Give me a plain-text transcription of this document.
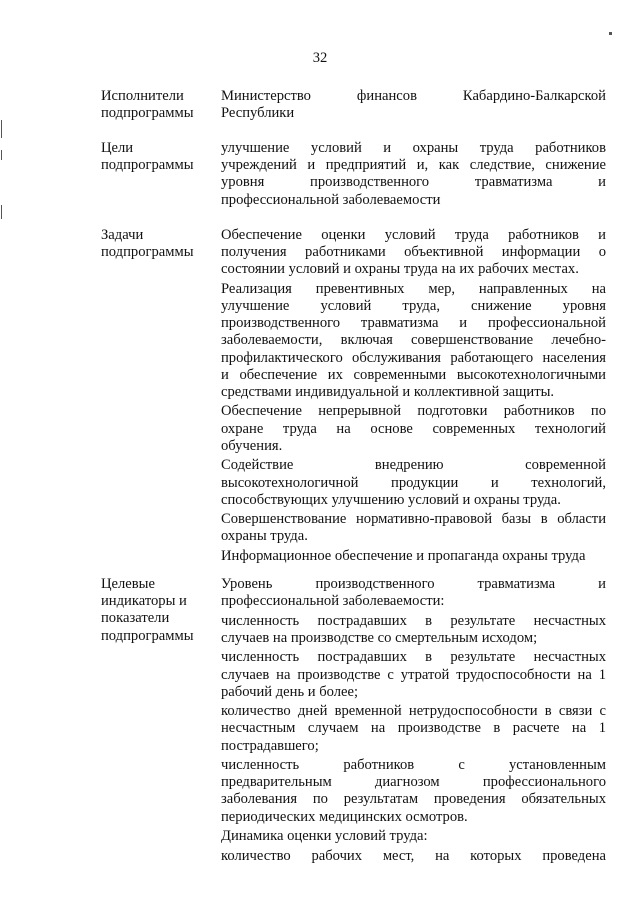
32
Исполнители
подпрограммы
Министерство финансов Кабардино-Балкарской
Республики
Цели
подпрограммы
улучшение условий и охраны труда работников
учреждений и предприятий и, как следствие, снижение
уровня производственного травматизма и
профессиональной заболеваемости
Задачи
подпрограммы
Обеспечение оценки условий труда работников и
получения работниками объективной информации о
состоянии условий и охраны труда на их рабочих местах.
Реализация превентивных мер, направленных на
улучшение условий труда, снижение уровня
производственного травматизма и профессиональной
заболеваемости, включая совершенствование лечебно-
профилактического обслуживания работающего населения
и обеспечение их современными высокотехнологичными
средствами индивидуальной и коллективной защиты.
Обеспечение непрерывной подготовки работников по
охране труда на основе современных технологий
обучения.
Содействие внедрению современной
высокотехнологичной продукции и технологий,
способствующих улучшению условий и охраны труда.
Совершенствование нормативно-правовой базы в области
охраны труда.
Информационное обеспечение и пропаганда охраны труда
Целевые
индикаторы и
показатели
подпрограммы
Уровень производственного травматизма и
профессиональной заболеваемости:
численность пострадавших в результате несчастных
случаев на производстве со смертельным исходом;
численность пострадавших в результате несчастных
случаев на производстве с утратой трудоспособности на 1
рабочий день и более;
количество дней временной нетрудоспособности в связи с
несчастным случаем на производстве в расчете на 1
пострадавшего;
численность работников с установленным
предварительным диагнозом профессионального
заболевания по результатам проведения обязательных
периодических медицинских осмотров.
Динамика оценки условий труда:
количество рабочих мест, на которых проведена
